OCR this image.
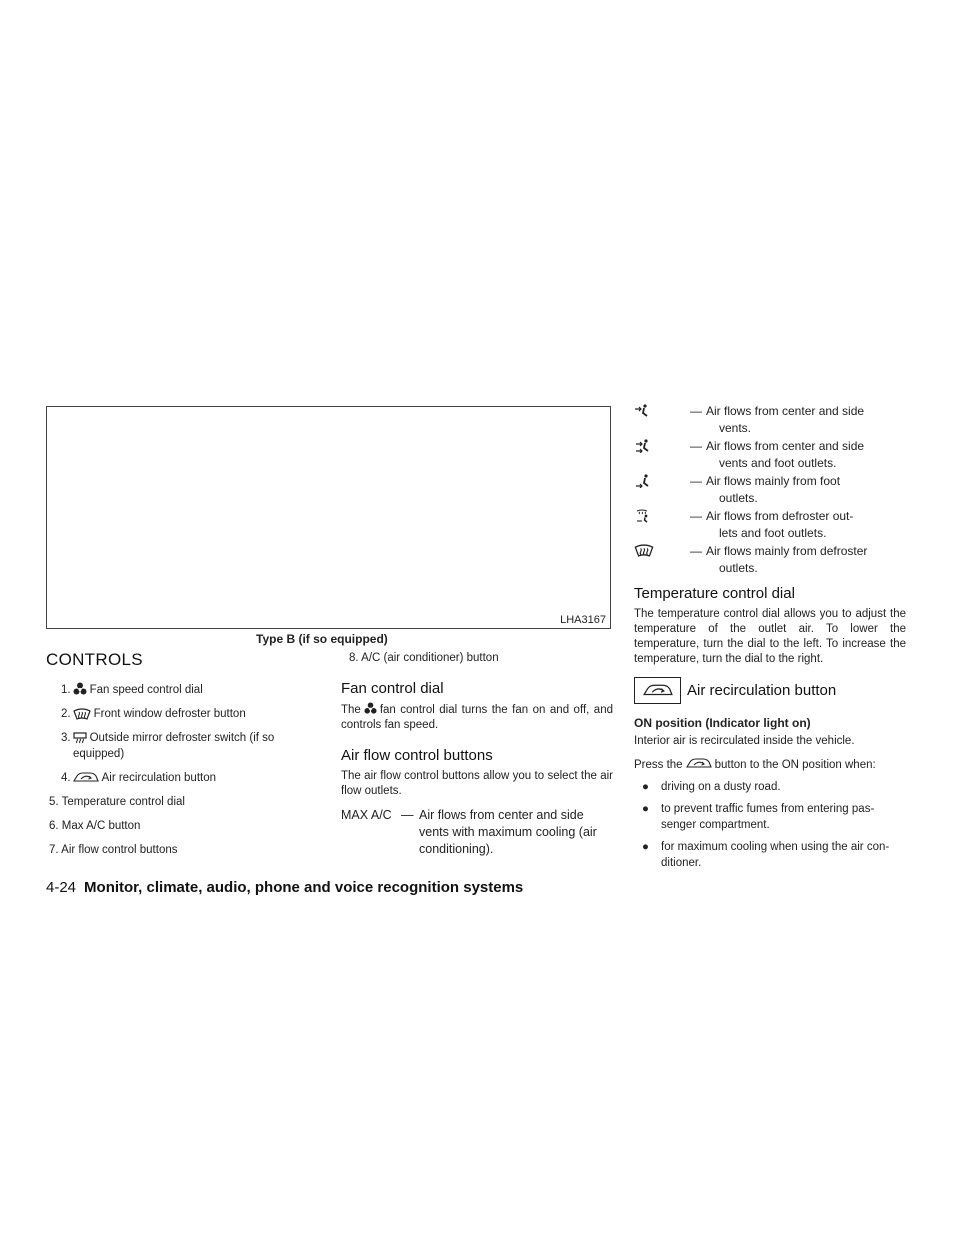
LHA3167
Type B (if so equipped)
CONTROLS
1. Fan speed control dial
2. Front window defroster button
3. Outside mirror defroster switch (if so equipped)
4.	Air recirculation button
5. Temperature control dial
6. Max A/C button
7. Air flow control buttons
8. A/C (air conditioner) button
Fan control dial

The fan control dial turns the fan on and off, and controls fan speed.

Air flow control buttons

The air flow control buttons allow you to select the air flow outlets.

MAX A/C — Air flows from center and side vents with maximum cooling (air conditioning).
— Air flows from center and side
vents.
— Air flows from center and side
vents and foot outlets.
— Air flows mainly from foot
outlets.
— Air flows from defroster out-
lets and foot outlets.
— Air flows mainly from defroster
outlets.
Temperature control dial

The temperature control dial allows you to adjust the temperature of the outlet air. To lower the temperature, turn the dial to the left. To increase the temperature, turn the dial to the right.

Air recirculation button
ON position (Indicator light on)

Interior air is recirculated inside the vehicle.

Press the	button to the ON position when:

●	driving on a dusty road.
●	to prevent traffic fumes from entering pas- senger compartment.
●	for maximum cooling when using the air con- ditioner.
4-24 Monitor, climate, audio, phone and voice recognition systems
